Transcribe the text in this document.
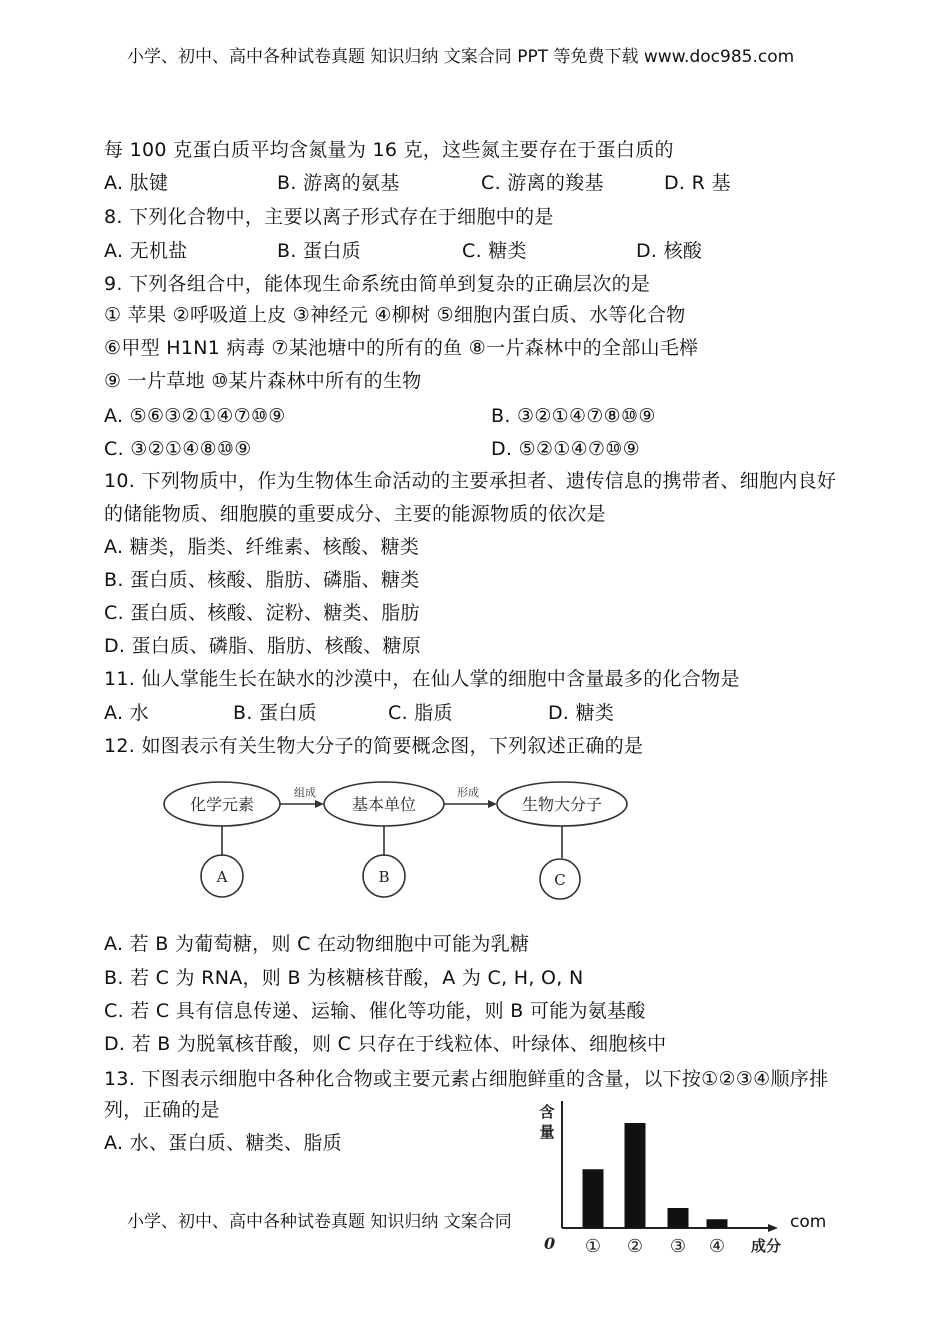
小学、初中、高中各种试卷真题 知识归纳 文案合同 PPT 等免费下载 www.doc985.com
每 100 克蛋白质平均含氮量为 16 克，这些氮主要存在于蛋白质的
A. 肽键	B. 游离的氨基	C. 游离的羧基	D. R 基
8. 下列化合物中，主要以离子形式存在于细胞中的是
A. 无机盐	B. 蛋白质	C. 糖类	D. 核酸
9. 下列各组合中，能体现生命系统由简单到复杂的正确层次的是
① 苹果 ②呼吸道上皮 ③神经元 ④柳树 ⑤细胞内蛋白质、水等化合物
⑥甲型 H1N1 病毒 ⑦某池塘中的所有的鱼 ⑧一片森林中的全部山毛榉
⑨ 一片草地 ⑩某片森林中所有的生物
A. ⑤⑥③②①④⑦⑩⑨	B. ③②①④⑦⑧⑩⑨
C. ③②①④⑧⑩⑨	D. ⑤②①④⑦⑩⑨
10. 下列物质中，作为生物体生命活动的主要承担者、遗传信息的携带者、细胞内良好
的储能物质、细胞膜的重要成分、主要的能源物质的依次是
A. 糖类，脂类、纤维素、核酸、糖类
B. 蛋白质、核酸、脂肪、磷脂、糖类
C. 蛋白质、核酸、淀粉、糖类、脂肪
D. 蛋白质、磷脂、脂肪、核酸、糖原
11. 仙人掌能生长在缺水的沙漠中，在仙人掌的细胞中含量最多的化合物是
A. 水	B. 蛋白质	C. 脂质	D. 糖类
12. 如图表示有关生物大分子的简要概念图，下列叙述正确的是
化学元素	基本单位	生物大分子
组成	形成
A	B	C
A. 若 B 为葡萄糖，则 C 在动物细胞中可能为乳糖
B. 若 C 为 RNA，则 B 为核糖核苷酸，A 为 C, H, O, N
C. 若 C 具有信息传递、运输、催化等功能，则 B 可能为氨基酸
D. 若 B 为脱氧核苷酸，则 C 只存在于线粒体、叶绿体、细胞核中
13. 下图表示细胞中各种化合物或主要元素占细胞鲜重的含量，以下按①②③④顺序排
列，正确的是
A. 水、蛋白质、糖类、脂质
含
量
0	成分
① ② ③ ④
小学、初中、高中各种试卷真题 知识归纳 文案合同	com
